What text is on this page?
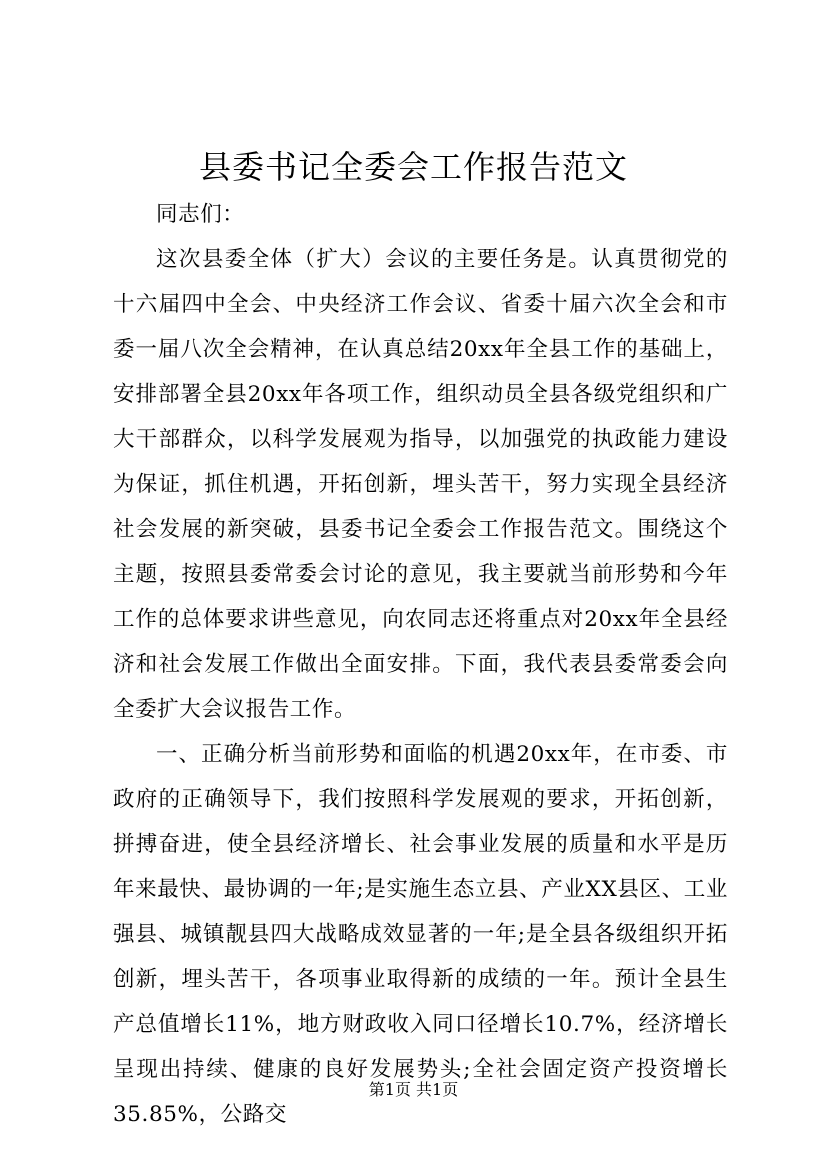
县委书记全委会工作报告范文

同志们：

这次县委全体（扩大）会议的主要任务是。认真贯彻党的十六届四中全会、中央经济工作会议、省委十届六次全会和市委一届八次全会精神，在认真总结20xx年全县工作的基础上，安排部署全县20xx年各项工作，组织动员全县各级党组织和广大干部群众，以科学发展观为指导，以加强党的执政能力建设为保证，抓住机遇，开拓创新，埋头苦干，努力实现全县经济社会发展的新突破，县委书记全委会工作报告范文。围绕这个主题，按照县委常委会讨论的意见，我主要就当前形势和今年工作的总体要求讲些意见，向农同志还将重点对20xx年全县经济和社会发展工作做出全面安排。下面，我代表县委常委会向全委扩大会议报告工作。

一、正确分析当前形势和面临的机遇20xx年，在市委、市政府的正确领导下，我们按照科学发展观的要求，开拓创新，拼搏奋进，使全县经济增长、社会事业发展的质量和水平是历年来最快、最协调的一年;是实施生态立县、产业XX县区、工业强县、城镇靓县四大战略成效显著的一年;是全县各级组织开拓创新，埋头苦干，各项事业取得新的成绩的一年。预计全县生产总值增长11%，地方财政收入同口径增长10.7%，经济增长呈现出持续、健康的良好发展势头;全社会固定资产投资增长35.85%，公路交

第1页 共1页
